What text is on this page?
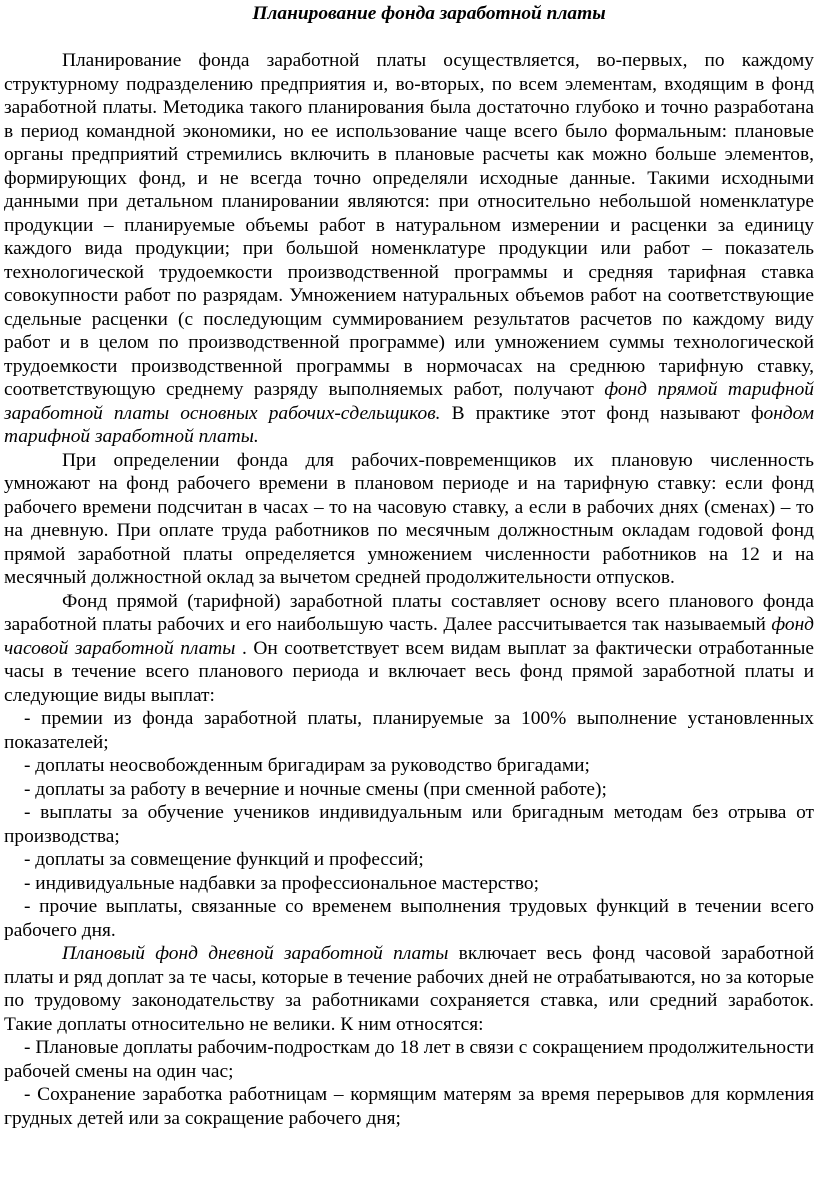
Планирование фонда заработной платы

Планирование фонда заработной платы осуществляется, во-первых, по каждому структурному подразделению предприятия и, во-вторых, по всем элементам, входящим в фонд заработной платы. Методика такого планирования была достаточно глубоко и точно разработана в период командной экономики, но ее использование чаще всего было формальным: плановые органы предприятий стремились включить в плановые расчеты как можно больше элементов, формирующих фонд, и не всегда точно определяли исходные данные. Такими исходными данными при детальном планировании являются: при относительно небольшой номенклатуре продукции – планируемые объемы работ в натуральном измерении и расценки за единицу каждого вида продукции; при большой номенклатуре продукции или работ – показатель технологической трудоемкости производственной программы и средняя тарифная ставка совокупности работ по разрядам. Умножением натуральных объемов работ на соответствующие сдельные расценки (с последующим суммированием результатов расчетов по каждому виду работ и в целом по производственной программе) или умножением суммы технологической трудоемкости производственной программы в нормочасах на среднюю тарифную ставку, соответствующую среднему разряду выполняемых работ, получают фонд прямой тарифной заработной платы основных рабочих-сдельщиков. В практике этот фонд называют фондом тарифной заработной платы.

При определении фонда для рабочих-повременщиков их плановую численность умножают на фонд рабочего времени в плановом периоде и на тарифную ставку: если фонд рабочего времени подсчитан в часах – то на часовую ставку, а если в рабочих днях (сменах) – то на дневную. При оплате труда работников по месячным должностным окладам годовой фонд прямой заработной платы определяется умножением численности работников на 12 и на месячный должностной оклад за вычетом средней продолжительности отпусков.

Фонд прямой (тарифной) заработной платы составляет основу всего планового фонда заработной платы рабочих и его наибольшую часть. Далее рассчитывается так называемый фонд часовой заработной платы . Он соответствует всем видам выплат за фактически отработанные часы в течение всего планового периода и включает весь фонд прямой заработной платы и следующие виды выплат:

- премии из фонда заработной платы, планируемые за 100% выполнение установленных показателей;

- доплаты неосвобожденным бригадирам за руководство бригадами;

- доплаты за работу в вечерние и ночные смены (при сменной работе);

- выплаты за обучение учеников индивидуальным или бригадным методам без отрыва от производства;

- доплаты за совмещение функций и профессий;

- индивидуальные надбавки за профессиональное мастерство;

- прочие выплаты, связанные со временем выполнения трудовых функций в течении всего рабочего дня.

Плановый фонд дневной заработной платы включает весь фонд часовой заработной платы и ряд доплат за те часы, которые в течение рабочих дней не отрабатываются, но за которые по трудовому законодательству за работниками сохраняется ставка, или средний заработок. Такие доплаты относительно не велики. К ним относятся:

- Плановые доплаты рабочим-подросткам до 18 лет в связи с сокращением продолжительности рабочей смены на один час;

- Сохранение заработка работницам – кормящим матерям за время перерывов для кормления грудных детей или за сокращение рабочего дня;
